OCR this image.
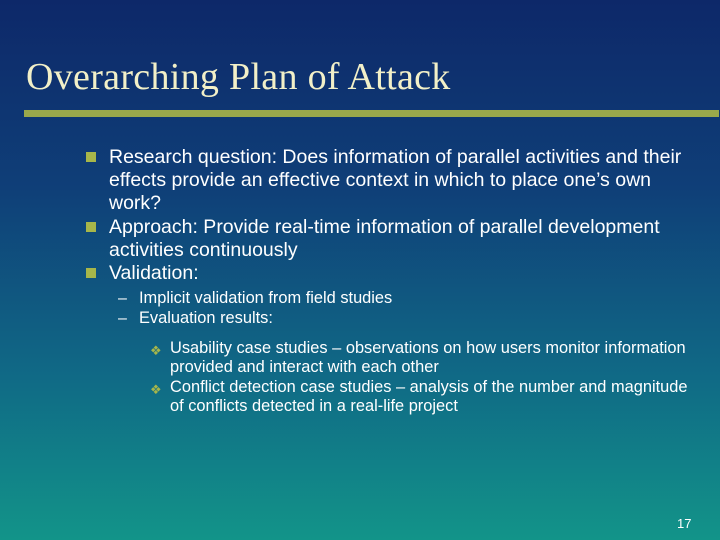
Overarching Plan of Attack
Research question: Does information of parallel activities and their effects provide an effective context in which to place one’s own work?
Approach: Provide real-time information of parallel development activities continuously
Validation:
– Implicit validation from field studies
– Evaluation results:
❖ Usability case studies – observations on how users monitor information provided and interact with each other
❖ Conflict detection case studies – analysis of the number and magnitude of conflicts detected in a real-life project
17
